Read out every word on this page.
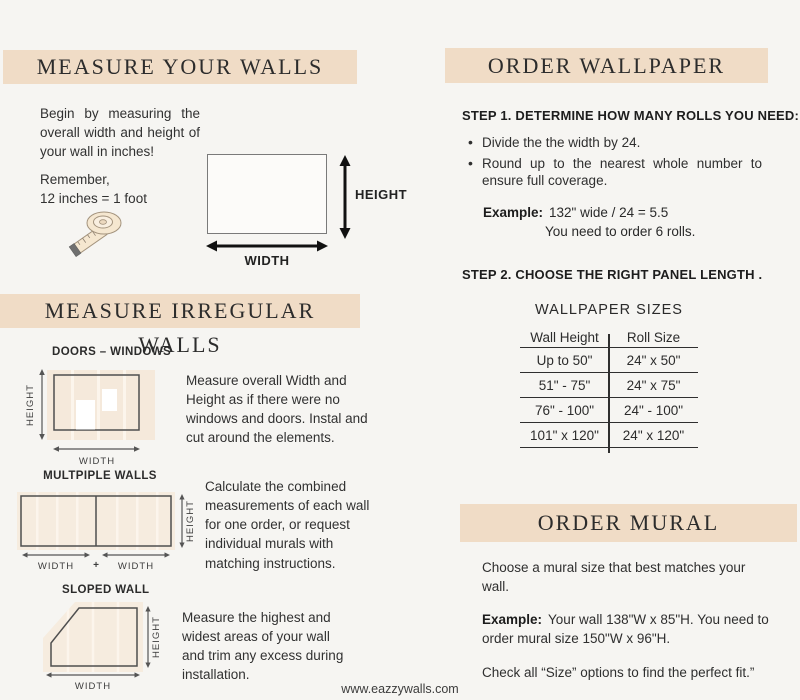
MEASURE YOUR WALLS
Begin by measuring the overall width and height of your wall in inches!
Remember,
12 inches = 1 foot	HEIGHT
WIDTH
MEASURE IRREGULAR WALLS
DOORS – WINDOWS
HEIGHT
WIDTH
Measure overall Width and Height as if there were no windows and doors. Instal and cut around the elements.
MULTPIPLE WALLS
HEIGHT
WIDTH + WIDTH
Calculate the combined measurements of each wall for one order, or request individual murals with matching instructions.
SLOPED WALL
HEIGHT
WIDTH
Measure the highest and widest areas of your wall and trim any excess during installation.
ORDER WALLPAPER
STEP 1. DETERMINE HOW MANY ROLLS YOU NEED:
• Divide the the width by 24.
• Round up to the nearest whole number to ensure full coverage.
Example: 132" wide / 24 = 5.5
You need to order 6 rolls.
STEP 2. CHOOSE THE RIGHT PANEL LENGTH .
WALLPAPER SIZES
Wall Height	Roll Size
Up to 50"	24" x 50"
51" - 75"	24" x 75"
76" - 100"	24" - 100"
101" x 120"	24" x 120"
ORDER MURAL

Choose a mural size that best matches your wall.

Example: Your wall 138"W x 85"H. You need to order mural size 150"W x 96"H.

Check all “Size” options to find the perfect fit.”

www.eazzywalls.com
